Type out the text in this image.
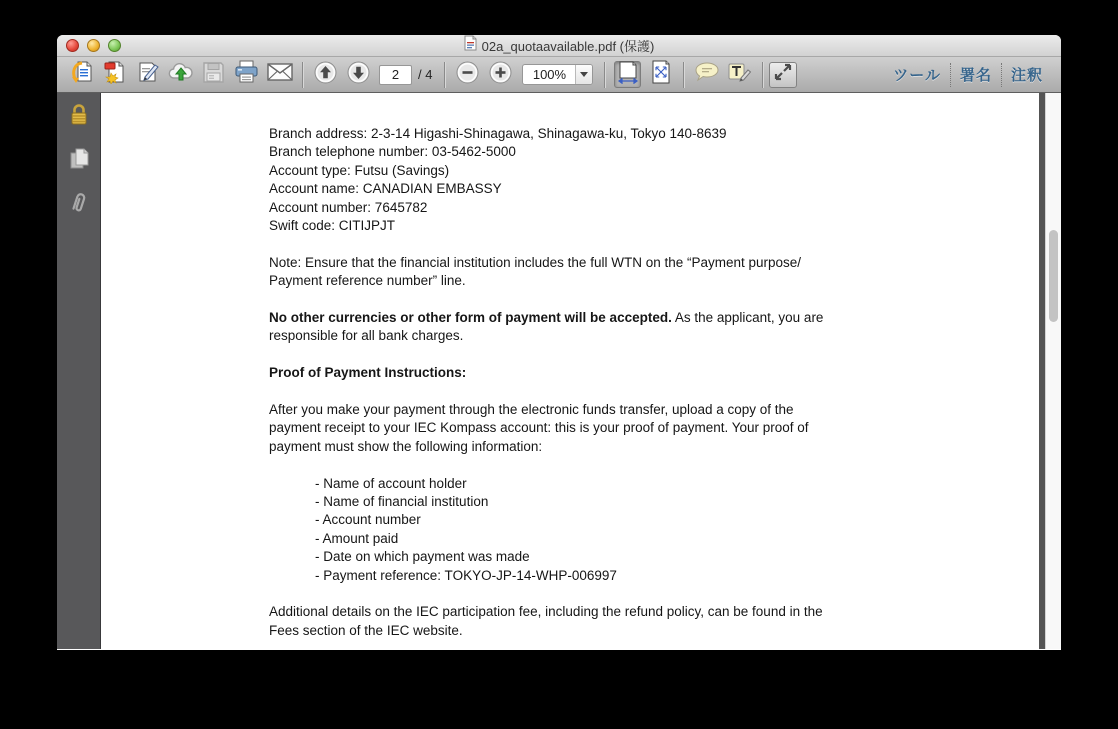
02a_quotaavailable.pdf (保護)
2
/ 4	100%	ツール 署名 注釈
Branch address: 2-3-14 Higashi-Shinagawa, Shinagawa-ku, Tokyo 140-8639
Branch telephone number: 03-5462-5000
Account type: Futsu (Savings)
Account name: CANADIAN EMBASSY
Account number: 7645782
Swift code: CITIJPJT
Note: Ensure that the financial institution includes the full WTN on the “Payment purpose/
Payment reference number” line.
No other currencies or other form of payment will be accepted. As the applicant, you are
responsible for all bank charges.
Proof of Payment Instructions:
After you make your payment through the electronic funds transfer, upload a copy of the
payment receipt to your IEC Kompass account: this is your proof of payment. Your proof of
payment must show the following information:
- Name of account holder
- Name of financial institution
- Account number
- Amount paid
- Date on which payment was made
- Payment reference: TOKYO-JP-14-WHP-006997
Additional details on the IEC participation fee, including the refund policy, can be found in the
Fees section of the IEC website.
